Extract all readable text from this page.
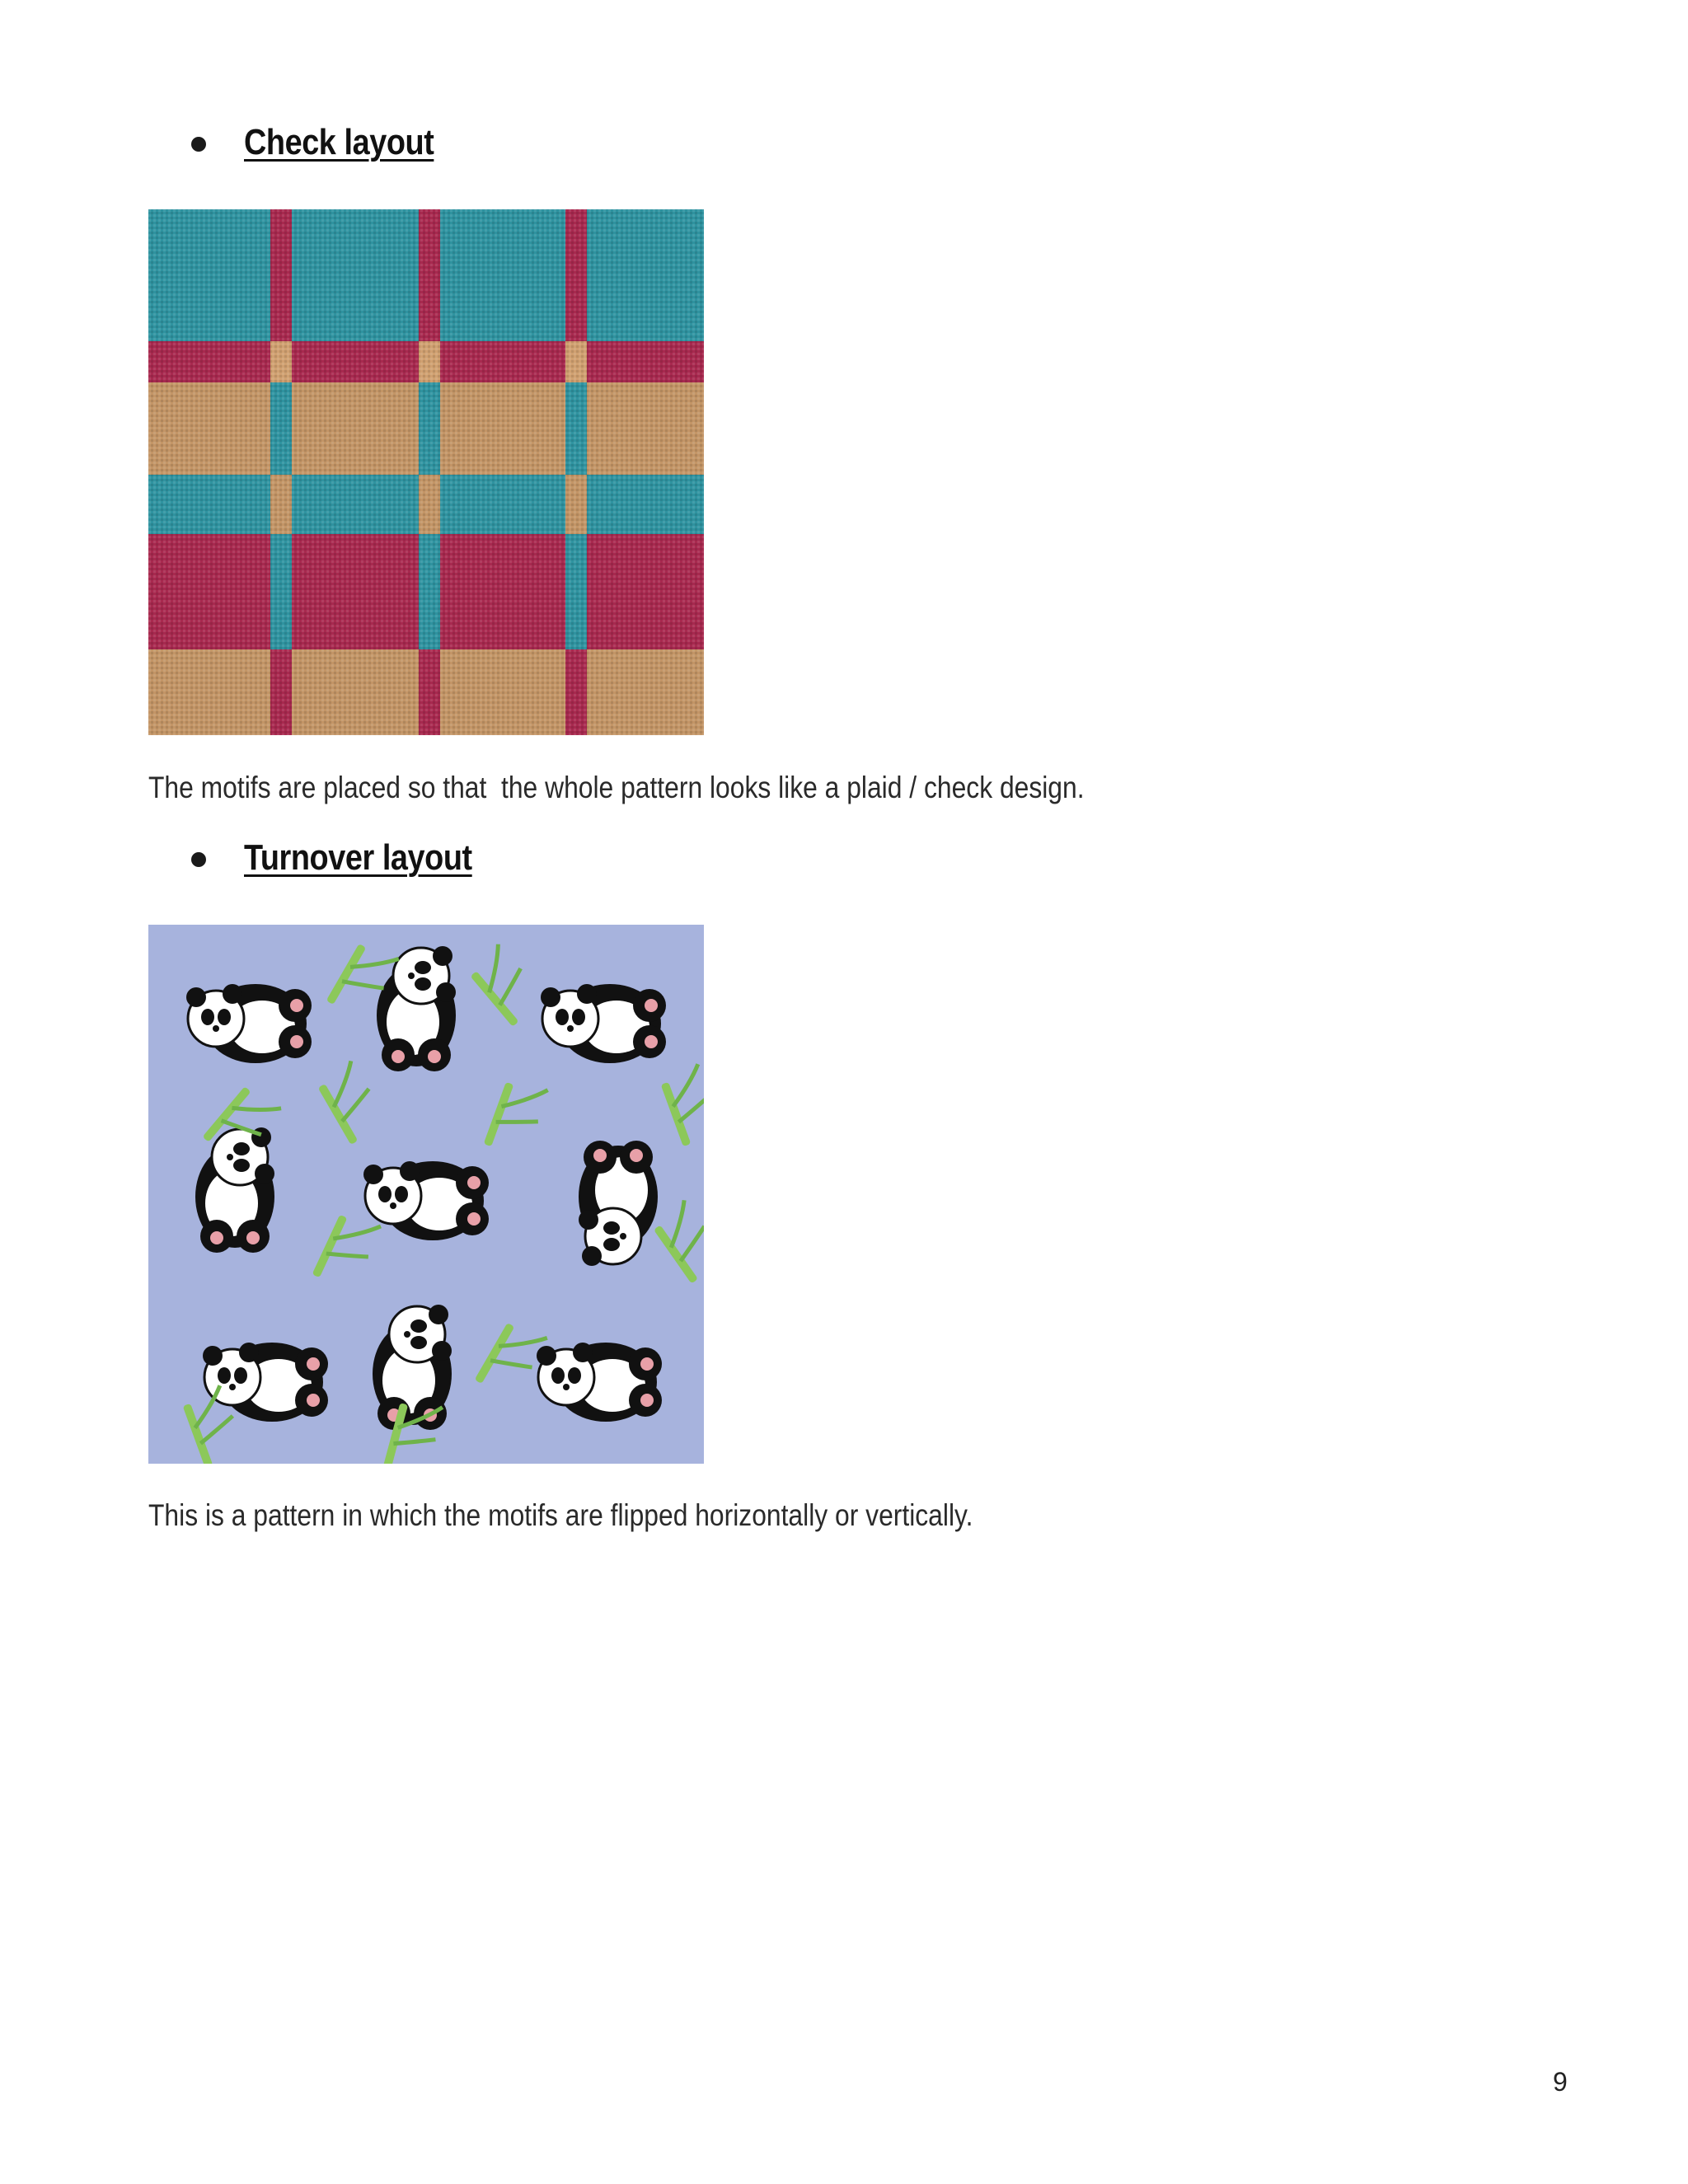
Check layout
The motifs are placed so that  the whole pattern looks like a plaid / check design.
Turnover layout
This is a pattern in which the motifs are flipped horizontally or vertically.
9
